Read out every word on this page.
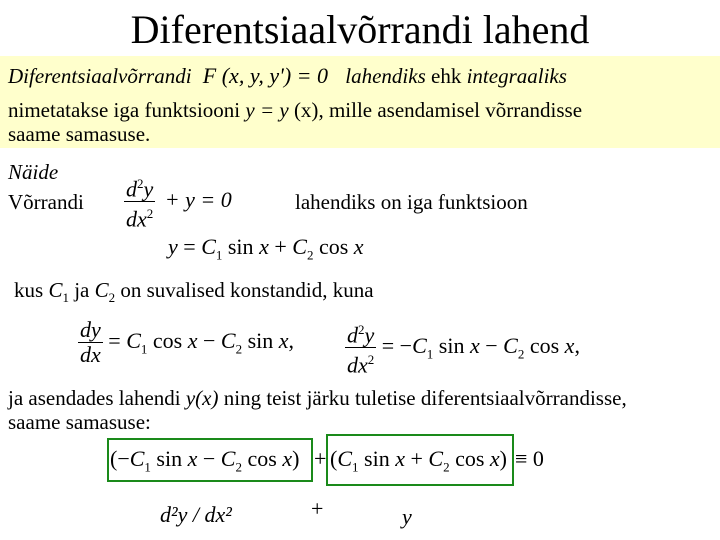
Diferentsiaalvõrrandi lahend
Diferentsiaalvõrrandi F (x, y, y') = 0 lahendiks ehk integraaliks
nimetatakse iga funktsiooni y = y (x), mille asendamisel võrrandisse
saame samasuse.
Näide
Võrrandi $\frac{d^2y}{dx^2} + y = 0$	lahendiks on iga funktsioon
$y = C_1$ $\sin x + C_2$ cos x
kus $C_1$ ja $C_2$ on suvalised konstandid, kuna
$\frac{dy}{dx} = C_1$ $\cos x - C_2$ sin x, $\frac{d^2y}{dx^2} = -C_1$ $\sin x - C_2$ cos x,
ja asendades lahendi y(x) ning teist järku tuletise diferentsiaalvõrrandisse,
saame samasuse:
($-C_1$ $\sin x - C_2$ $\cos x) + (C_1$ $\sin x + C_2$ cos x) ≡ 0
d²y / dx²	+	y
